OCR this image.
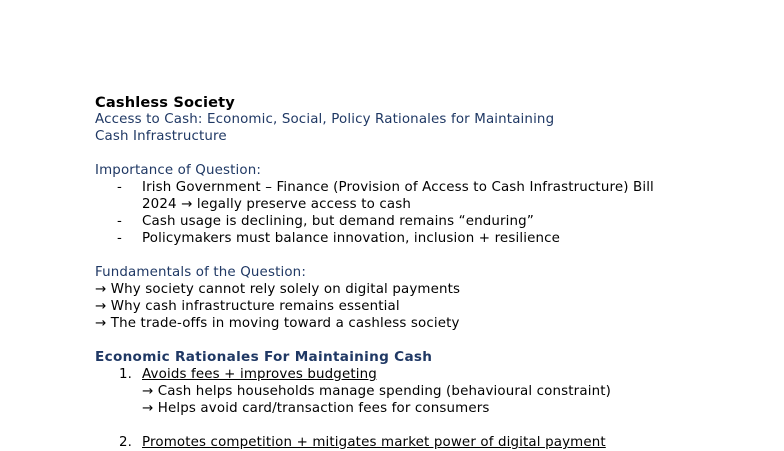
Cashless Society
Access to Cash: Economic, Social, Policy Rationales for Maintaining
Cash Infrastructure
Importance of Question:
- Irish Government – Finance (Provision of Access to Cash Infrastructure) Bill
2024 → legally preserve access to cash
- Cash usage is declining, but demand remains “enduring”
- Policymakers must balance innovation, inclusion + resilience
Fundamentals of the Question:
→ Why society cannot rely solely on digital payments
→ Why cash infrastructure remains essential
→ The trade-offs in moving toward a cashless society
Economic Rationales For Maintaining Cash
1. Avoids fees + improves budgeting
→ Cash helps households manage spending (behavioural constraint)
→ Helps avoid card/transaction fees for consumers
2. Promotes competition + mitigates market power of digital payment
